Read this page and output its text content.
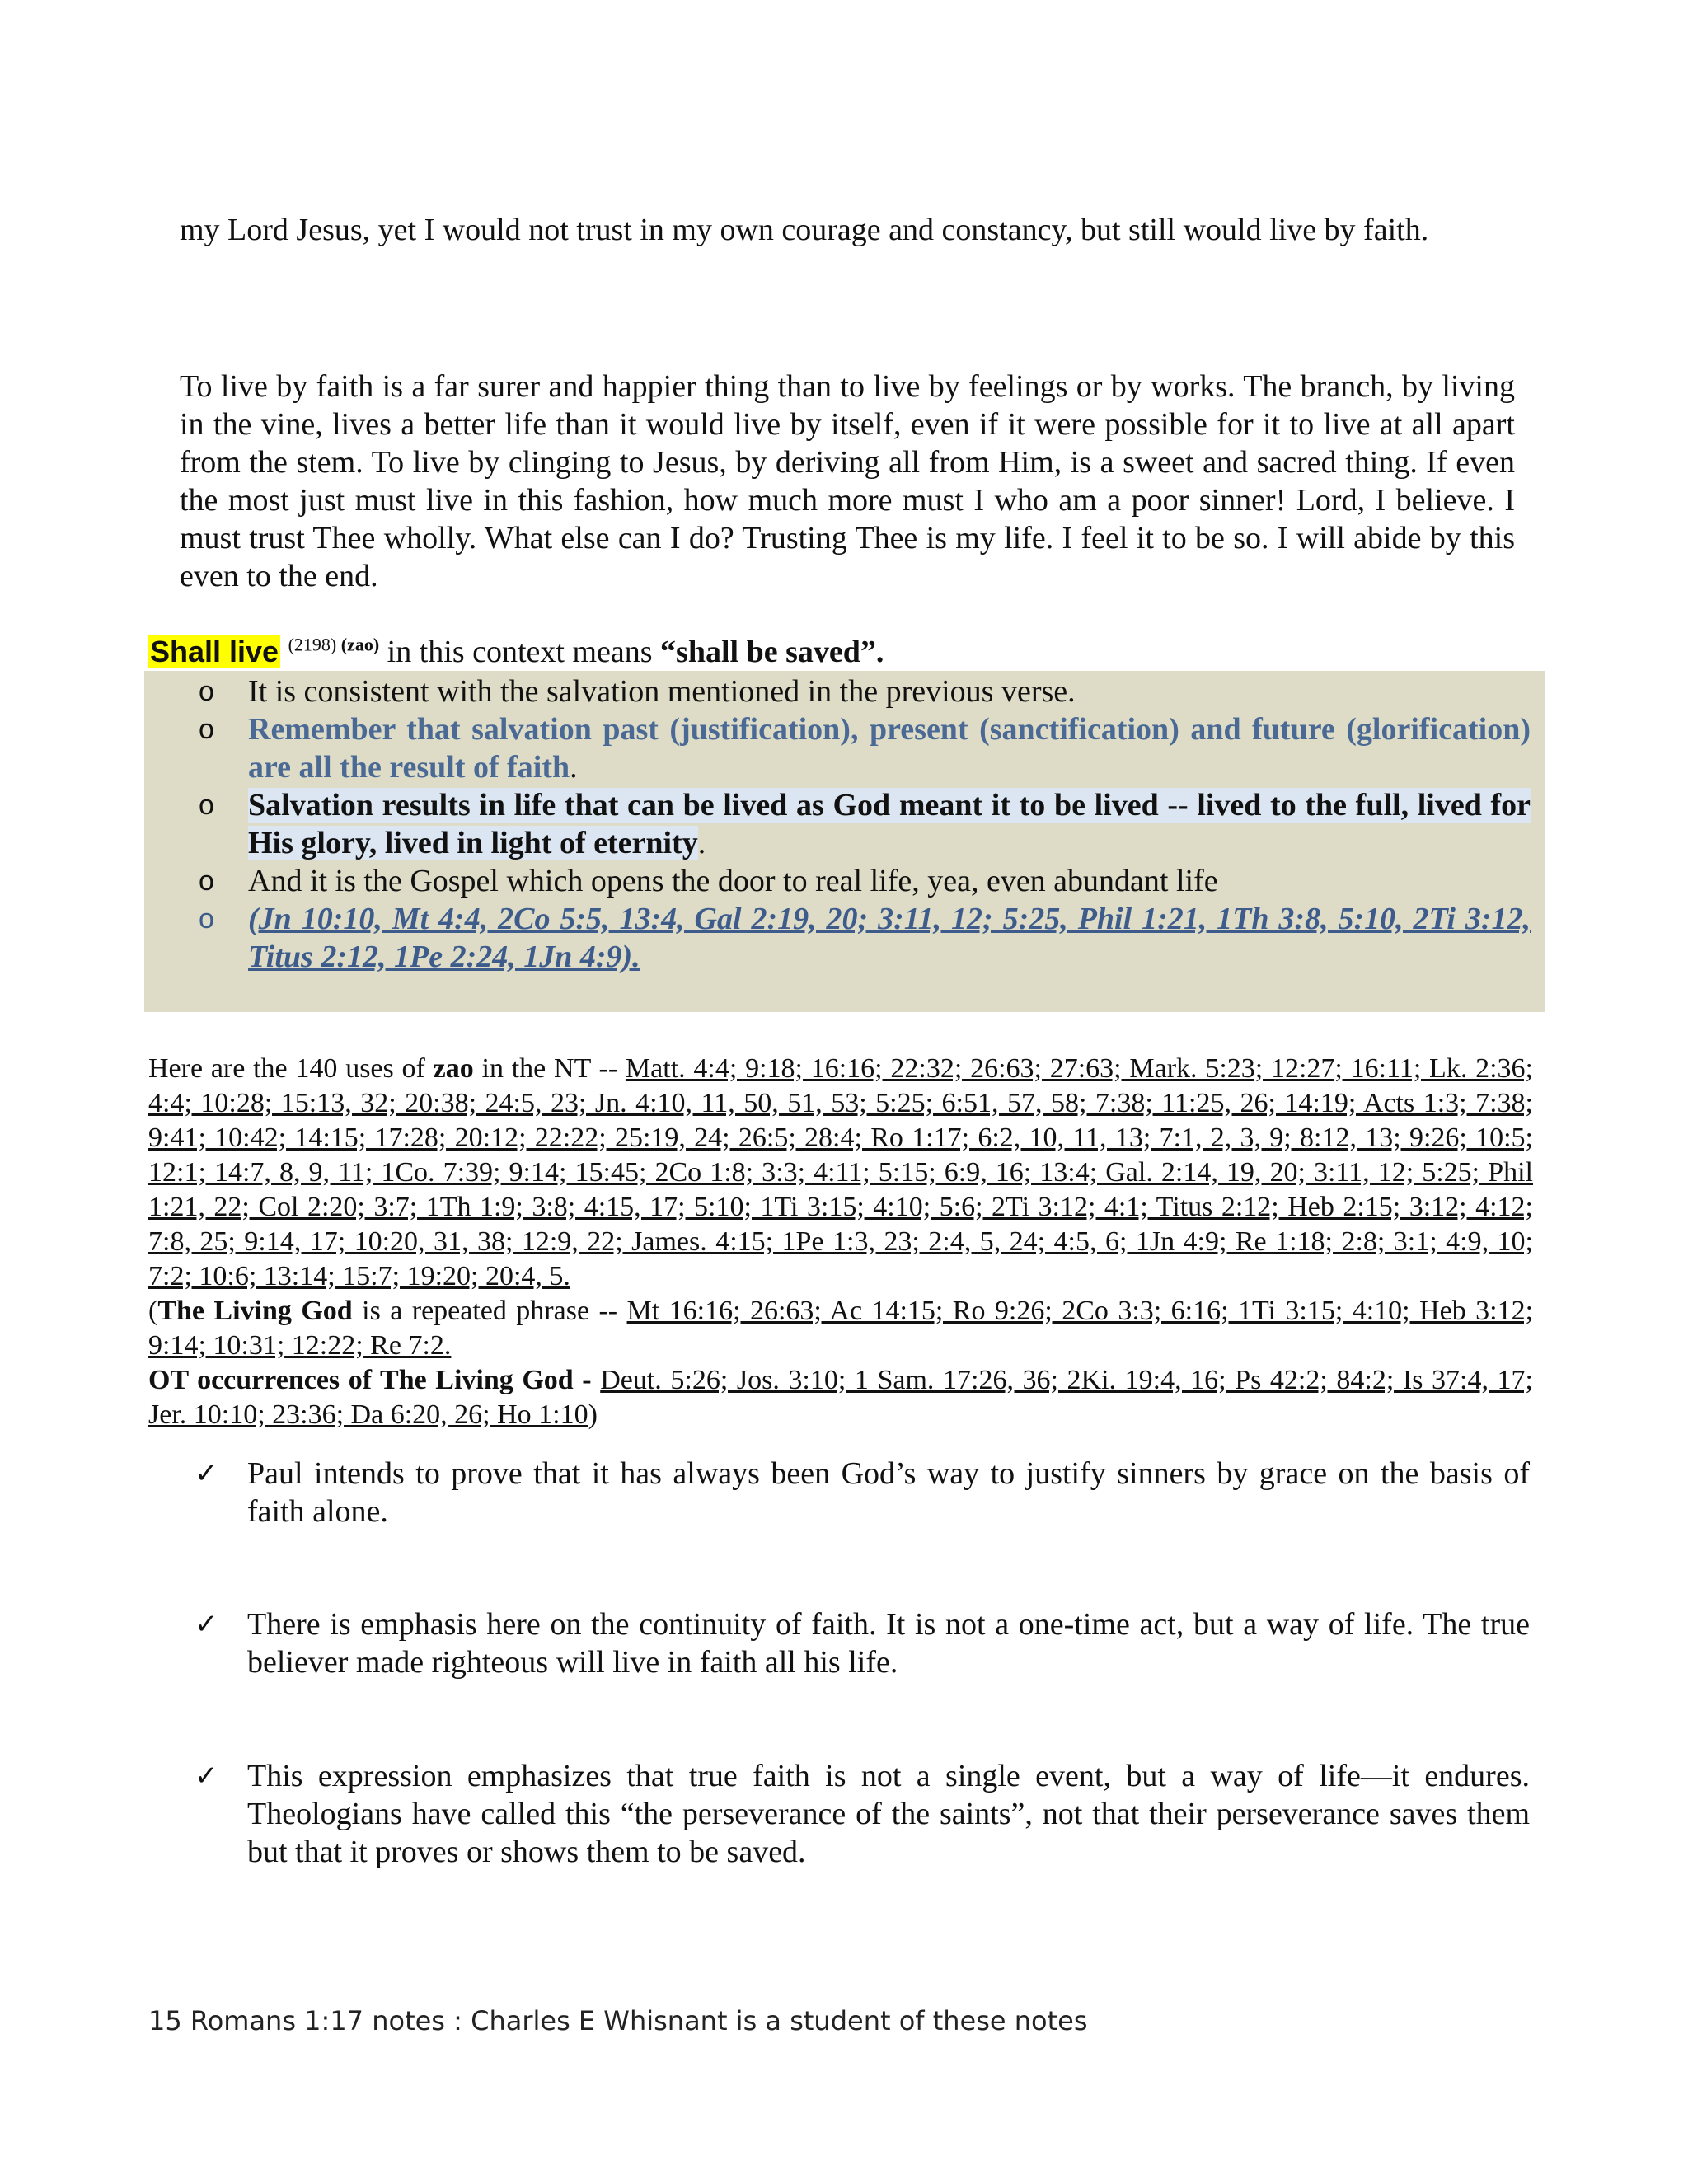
my Lord Jesus, yet I would not trust in my own courage and constancy, but still would live by faith.

To live by faith is a far surer and happier thing than to live by feelings or by works. The branch, by living in the vine, lives a better life than it would live by itself, even if it were possible for it to live at all apart from the stem. To live by clinging to Jesus, by deriving all from Him, is a sweet and sacred thing. If even the most just must live in this fashion, how much more must I who am a poor sinner! Lord, I believe. I must trust Thee wholly. What else can I do? Trusting Thee is my life. I feel it to be so. I will abide by this even to the end.

Shall live $^{(2198)}$ $^{(zao)}$ in this context means “shall be saved”.

o It is consistent with the salvation mentioned in the previous verse.
o Remember that salvation past (justification), present (sanctification) and future (glorification) are all the result of faith.
o Salvation results in life that can be lived as God meant it to be lived -- lived to the full, lived for His glory, lived in light of eternity.
o And it is the Gospel which opens the door to real life, yea, even abundant life
o (Jn 10:10, Mt 4:4, 2Co 5:5, 13:4, Gal 2:19, 20; 3:11, 12; 5:25, Phil 1:21, 1Th 3:8, 5:10, 2Ti 3:12, Titus 2:12, 1Pe 2:24, 1Jn 4:9).

Here are the 140 uses of zao in the NT -- Matt. 4:4; 9:18; 16:16; 22:32; 26:63; 27:63; Mark. 5:23; 12:27; 16:11; Lk. 2:36; 4:4; 10:28; 15:13, 32; 20:38; 24:5, 23; Jn. 4:10, 11, 50, 51, 53; 5:25; 6:51, 57, 58; 7:38; 11:25, 26; 14:19; Acts 1:3; 7:38; 9:41; 10:42; 14:15; 17:28; 20:12; 22:22; 25:19, 24; 26:5; 28:4; Ro 1:17; 6:2, 10, 11, 13; 7:1, 2, 3, 9; 8:12, 13; 9:26; 10:5; 12:1; 14:7, 8, 9, 11; 1Co. 7:39; 9:14; 15:45; 2Co 1:8; 3:3; 4:11; 5:15; 6:9, 16; 13:4; Gal. 2:14, 19, 20; 3:11, 12; 5:25; Phil 1:21, 22; Col 2:20; 3:7; 1Th 1:9; 3:8; 4:15, 17; 5:10; 1Ti 3:15; 4:10; 5:6; 2Ti 3:12; 4:1; Titus 2:12; Heb 2:15; 3:12; 4:12; 7:8, 25; 9:14, 17; 10:20, 31, 38; 12:9, 22; James. 4:15; 1Pe 1:3, 23; 2:4, 5, 24; 4:5, 6; 1Jn 4:9; Re 1:18; 2:8; 3:1; 4:9, 10; 7:2; 10:6; 13:14; 15:7; 19:20; 20:4, 5.

(The Living God is a repeated phrase -- Mt 16:16; 26:63; Ac 14:15; Ro 9:26; 2Co 3:3; 6:16; 1Ti 3:15; 4:10; Heb 3:12; 9:14; 10:31; 12:22; Re 7:2.

OT occurrences of The Living God - Deut. 5:26; Jos. 3:10; 1 Sam. 17:26, 36; 2Ki. 19:4, 16; Ps 42:2; 84:2; Is 37:4, 17; Jer. 10:10; 23:36; Da 6:20, 26; Ho 1:10)

✓ Paul intends to prove that it has always been God’s way to justify sinners by grace on the basis of faith alone.
✓ There is emphasis here on the continuity of faith. It is not a one-time act, but a way of life. The true believer made righteous will live in faith all his life.
✓ This expression emphasizes that true faith is not a single event, but a way of life—it endures. Theologians have called this “the perseverance of the saints”, not that their perseverance saves them but that it proves or shows them to be saved.
15 Romans 1:17 notes : Charles E Whisnant is a student of these notes
